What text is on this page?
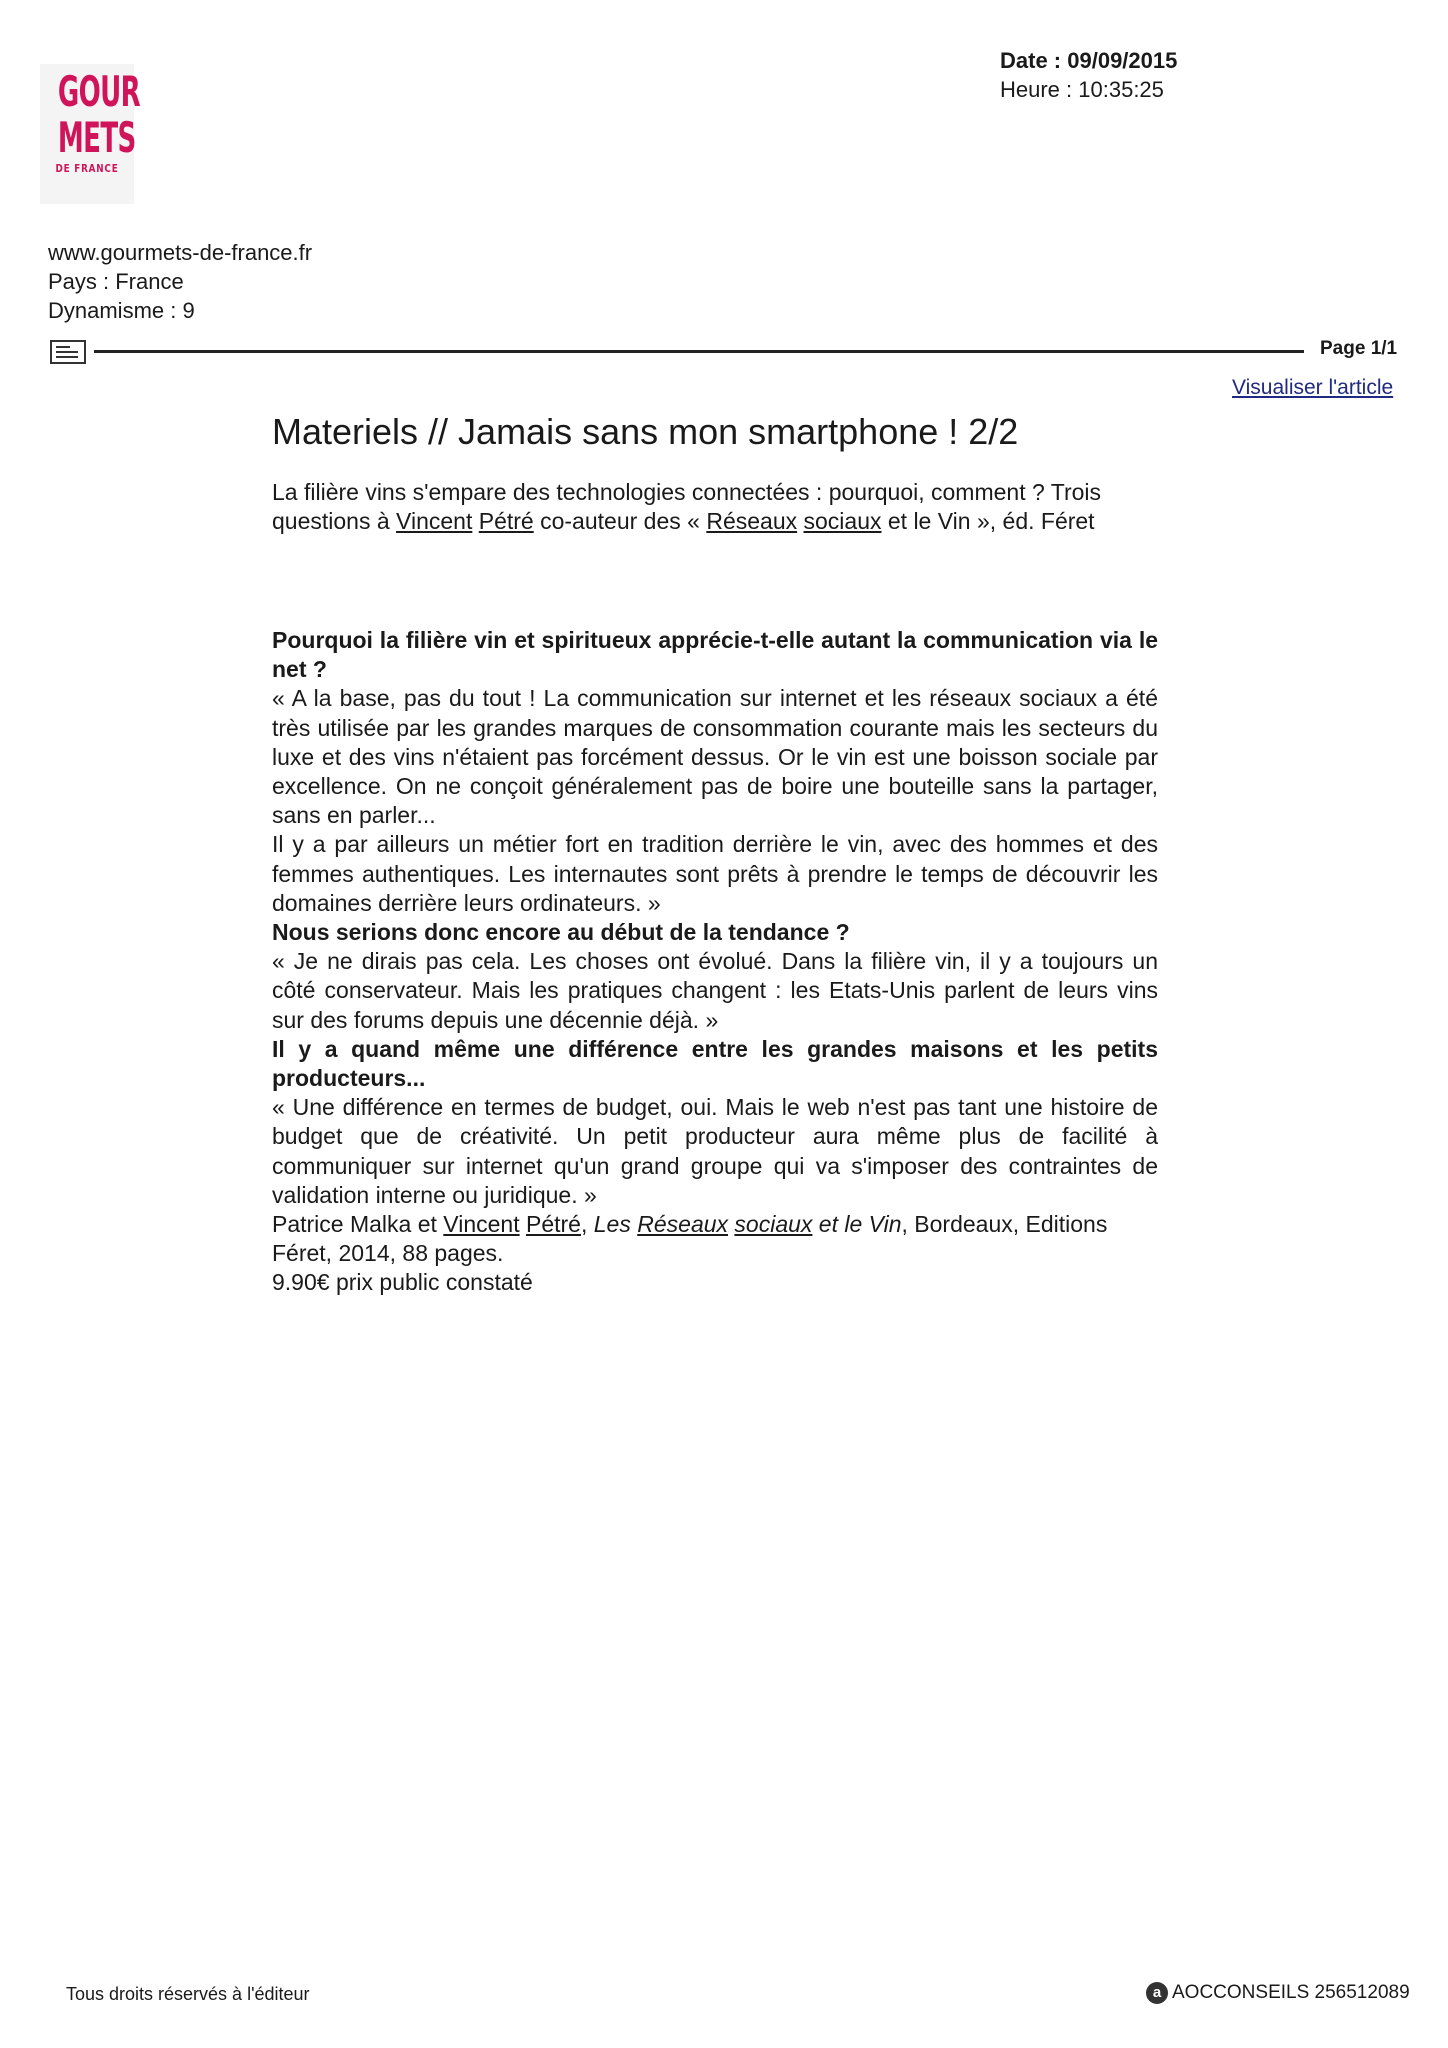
GOUR
METS
DE FRANCE
Date : 09/09/2015
Heure : 10:35:25
www.gourmets-de-france.fr
Pays : France
Dynamisme : 9
Page 1/1
Visualiser l'article
Materiels // Jamais sans mon smartphone ! 2/2
La filière vins s'empare des technologies connectées : pourquoi, comment ? Trois questions à Vincent Pétré co-auteur des « Réseaux sociaux et le Vin », éd. Féret

Pourquoi la filière vin et spiritueux apprécie-t-elle autant la communication via le net ?

« A la base, pas du tout ! La communication sur internet et les réseaux sociaux a été très utilisée par les grandes marques de consommation courante mais les secteurs du luxe et des vins n'étaient pas forcément dessus. Or le vin est une boisson sociale par excellence. On ne conçoit généralement pas de boire une bouteille sans la partager, sans en parler...

Il y a par ailleurs un métier fort en tradition derrière le vin, avec des hommes et des femmes authentiques. Les internautes sont prêts à prendre le temps de découvrir les domaines derrière leurs ordinateurs. »

Nous serions donc encore au début de la tendance ?

« Je ne dirais pas cela. Les choses ont évolué. Dans la filière vin, il y a toujours un côté conservateur. Mais les pratiques changent : les Etats-Unis parlent de leurs vins sur des forums depuis une décennie déjà. »

Il y a quand même une différence entre les grandes maisons et les petits producteurs...

« Une différence en termes de budget, oui. Mais le web n'est pas tant une histoire de budget que de créativité. Un petit producteur aura même plus de facilité à communiquer sur internet qu'un grand groupe qui va s'imposer des contraintes de validation interne ou juridique. »

Patrice Malka et Vincent Pétré, Les Réseaux sociaux et le Vin, Bordeaux, Editions Féret, 2014, 88 pages.

9.90€ prix public constaté

Tous droits réservés à l'éditeur	a AOCCONSEILS 256512089
